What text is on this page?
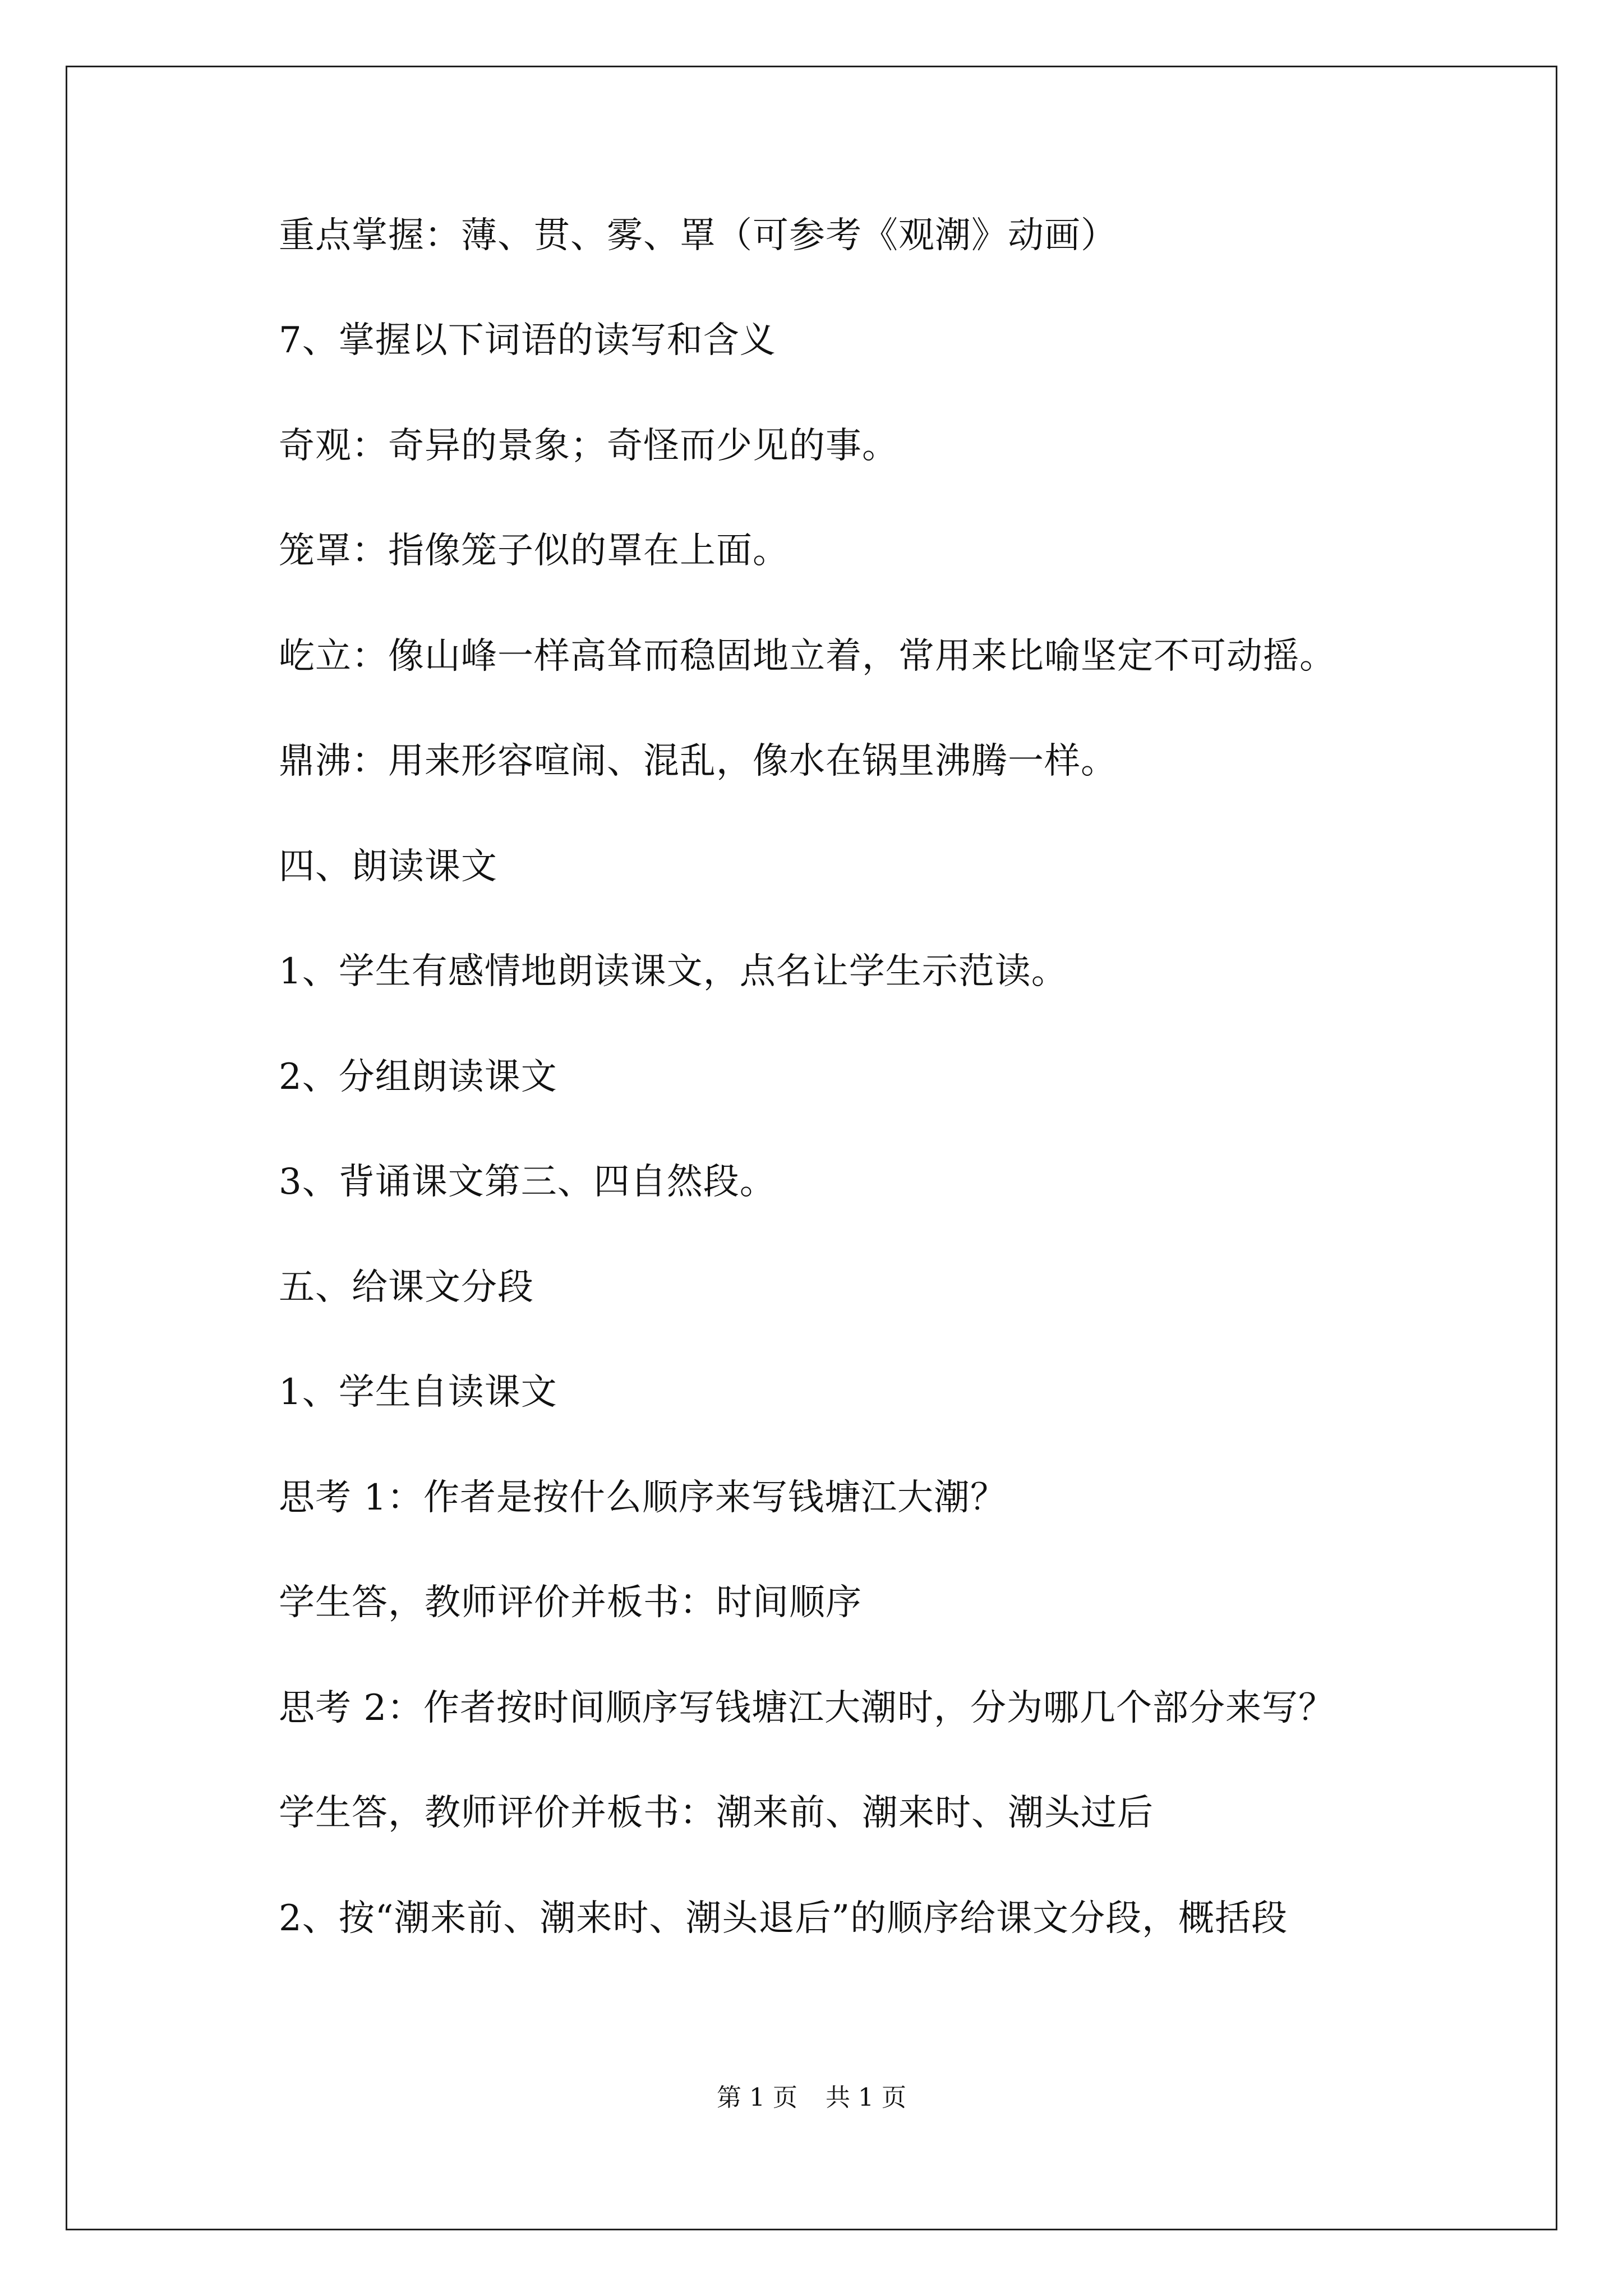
重点掌握：薄、贯、雾、罩（可参考《观潮》动画）
7、掌握以下词语的读写和含义
奇观：奇异的景象；奇怪而少见的事。
笼罩：指像笼子似的罩在上面。
屹立：像山峰一样高耸而稳固地立着，常用来比喻坚定不可动摇。
鼎沸：用来形容喧闹、混乱，像水在锅里沸腾一样。
四、朗读课文
1、学生有感情地朗读课文，点名让学生示范读。
2、分组朗读课文
3、背诵课文第三、四自然段。
五、给课文分段
1、学生自读课文
思考 1：作者是按什么顺序来写钱塘江大潮？
学生答，教师评价并板书：时间顺序
思考 2：作者按时间顺序写钱塘江大潮时，分为哪几个部分来写？
学生答，教师评价并板书：潮来前、潮来时、潮头过后
2、按“潮来前、潮来时、潮头退后”的顺序给课文分段，概括段
第 1 页 共 1 页
